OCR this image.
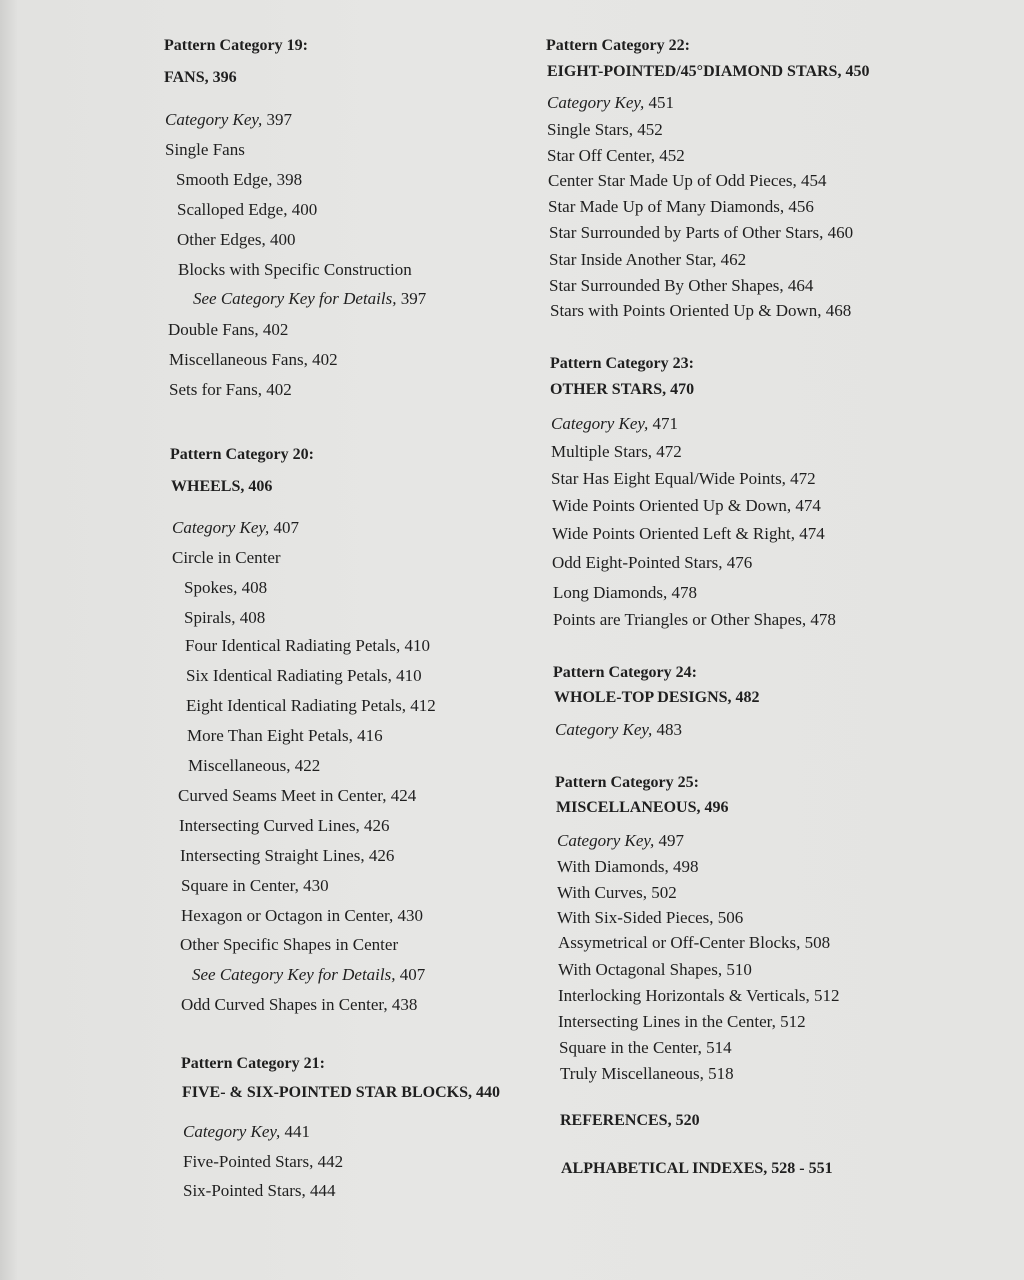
Pattern Category 19:
FANS, 396
Category Key, 397
Single Fans
Smooth Edge, 398
Scalloped Edge, 400
Other Edges, 400
Blocks with Specific Construction
See Category Key for Details, 397
Double Fans, 402
Miscellaneous Fans, 402
Sets for Fans, 402
Pattern Category 20:
WHEELS, 406
Category Key, 407
Circle in Center
Spokes, 408
Spirals, 408
Four Identical Radiating Petals, 410
Six Identical Radiating Petals, 410
Eight Identical Radiating Petals, 412
More Than Eight Petals, 416
Miscellaneous, 422
Curved Seams Meet in Center, 424
Intersecting Curved Lines, 426
Intersecting Straight Lines, 426
Square in Center, 430
Hexagon or Octagon in Center, 430
Other Specific Shapes in Center
See Category Key for Details, 407
Odd Curved Shapes in Center, 438
Pattern Category 21:
FIVE- & SIX-POINTED STAR BLOCKS, 440
Category Key, 441
Five-Pointed Stars, 442
Six-Pointed Stars, 444
Pattern Category 22:
EIGHT-POINTED/45°DIAMOND STARS, 450
Category Key, 451
Single Stars, 452
Star Off Center, 452
Center Star Made Up of Odd Pieces, 454
Star Made Up of Many Diamonds, 456
Star Surrounded by Parts of Other Stars, 460
Star Inside Another Star, 462
Star Surrounded By Other Shapes, 464
Stars with Points Oriented Up & Down, 468
Pattern Category 23:
OTHER STARS, 470
Category Key, 471
Multiple Stars, 472
Star Has Eight Equal/Wide Points, 472
Wide Points Oriented Up & Down, 474
Wide Points Oriented Left & Right, 474
Odd Eight-Pointed Stars, 476
Long Diamonds, 478
Points are Triangles or Other Shapes, 478
Pattern Category 24:
WHOLE-TOP DESIGNS, 482
Category Key, 483
Pattern Category 25:
MISCELLANEOUS, 496
Category Key, 497
With Diamonds, 498
With Curves, 502
With Six-Sided Pieces, 506
Assymetrical or Off-Center Blocks, 508
With Octagonal Shapes, 510
Interlocking Horizontals & Verticals, 512
Intersecting Lines in the Center, 512
Square in the Center, 514
Truly Miscellaneous, 518
REFERENCES, 520
ALPHABETICAL INDEXES, 528 - 551
